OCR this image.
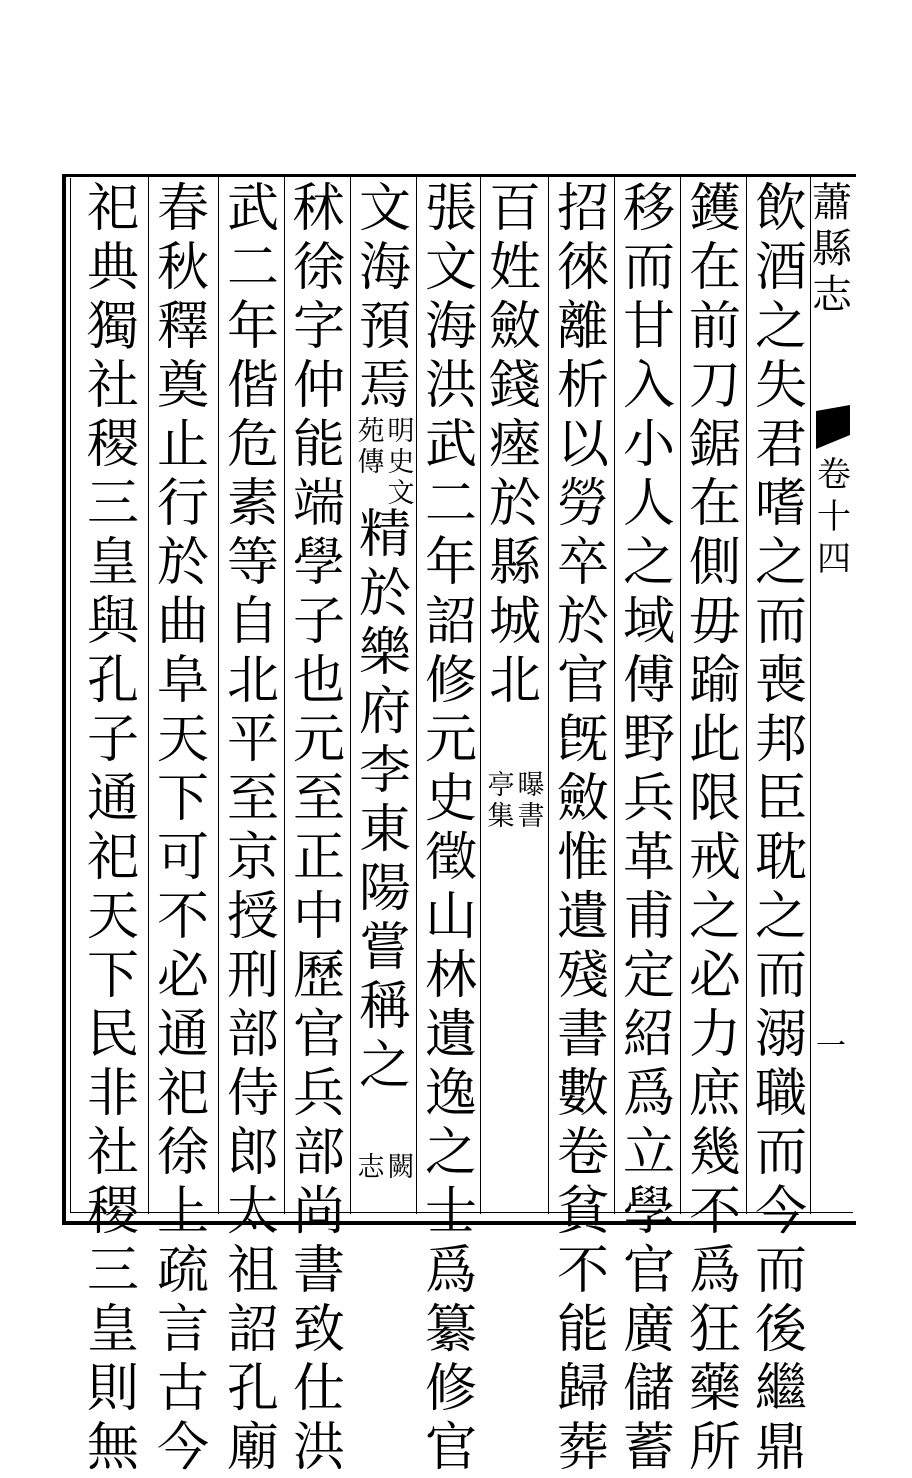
蕭
縣
志
卷
十
四
一
飲
酒
之
失
君
嗜
之
而
喪
邦
臣
耽
之
而
溺
職
而
今
而
後
繼
鼎
鑊
在
前
刀
鋸
在
側
毋
踰
此
限
戒
之
必
力
庶
幾
不
爲
狂
藥
所
移
而
甘
入
小
人
之
域
傅
野
兵
革
甫
定
紹
爲
立
學
官
廣
儲
蓄
招
徠
離
析
以
勞
卒
於
官
旣
斂
惟
遺
殘
書
數
卷
貧
不
能
歸
葬
百
姓
斂
錢
瘞
於
縣
城
北
曝
書
亭
集
張
文
海
洪
武
二
年
詔
修
元
史
徵
山
林
遺
逸
之
士
爲
纂
修
官
文
海
預
焉
明
史
文
苑
傳
精
於
樂
府
李
東
陽
嘗
稱
之
闕
志
秫
徐
字
仲
能
端
學
子
也
元
至
正
中
歷
官
兵
部
尚
書
致
仕
洪
武
二
年
偕
危
素
等
自
北
平
至
京
授
刑
部
侍
郎
太
祖
詔
孔
廟
春
秋
釋
奠
止
行
於
曲
阜
天
下
可
不
必
通
祀
徐
上
疏
言
古
今
祀
典
獨
社
稷
三
皇
與
孔
子
通
祀
天
下
民
非
社
稷
三
皇
則
無
